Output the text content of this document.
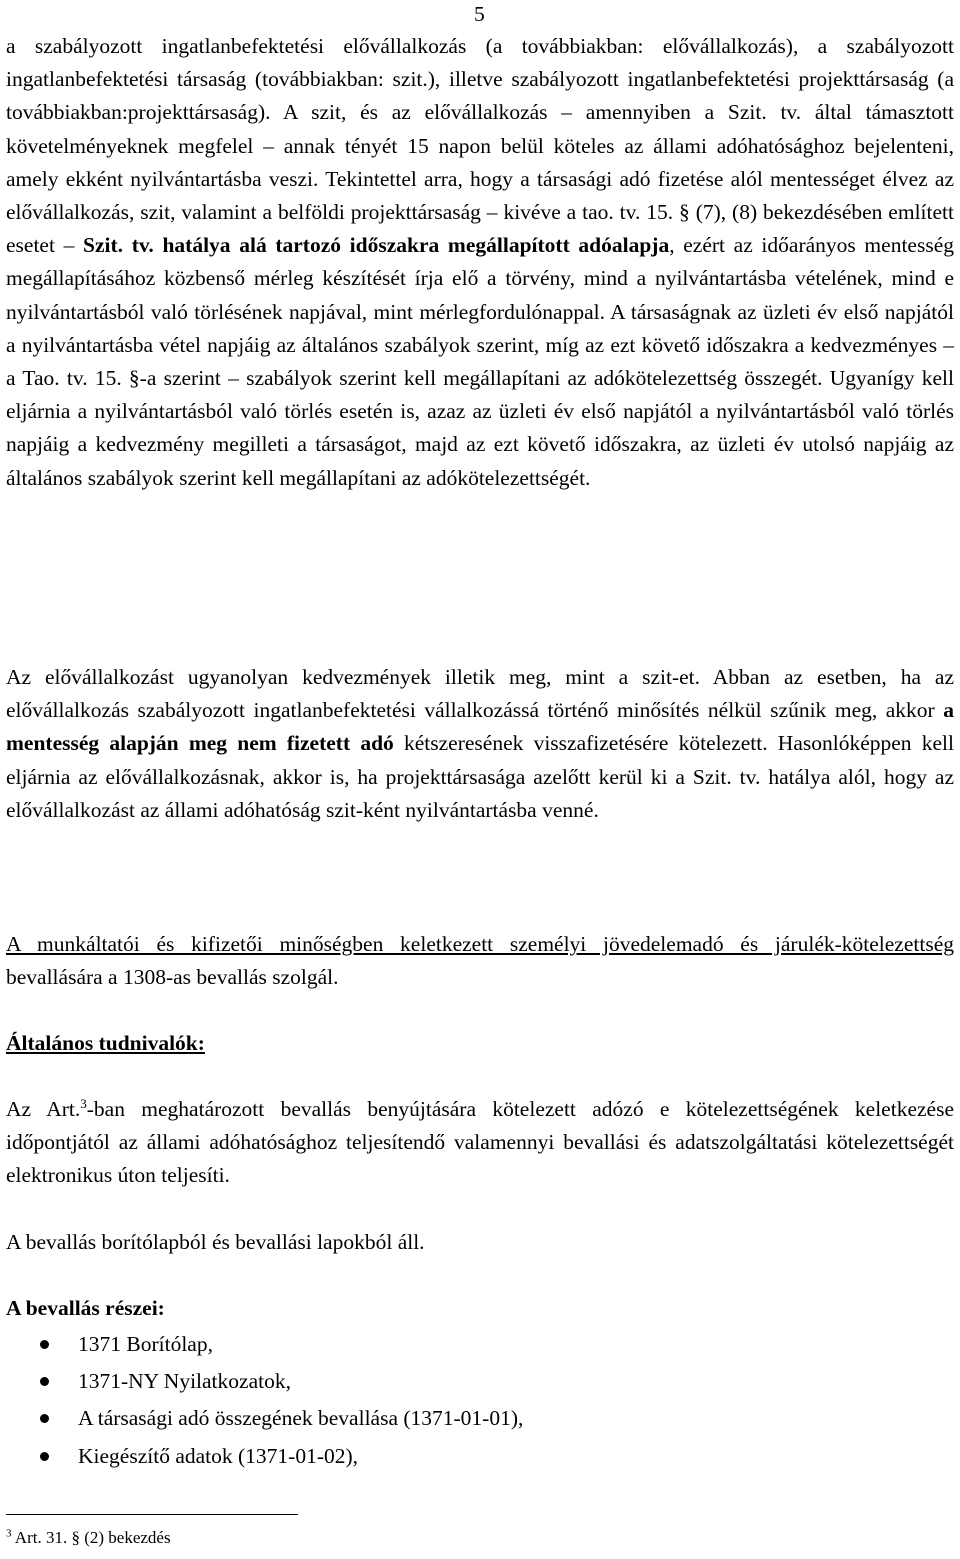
5

a szabályozott ingatlanbefektetési elővállalkozás (a továbbiakban: elővállalkozás), a szabályozott ingatlanbefektetési társaság (továbbiakban: szit.), illetve szabályozott ingatlanbefektetési projekttársaság (a továbbiakban:projekttársaság). A szit, és az elővállalkozás – amennyiben a Szit. tv. által támasztott követelményeknek megfelel – annak tényét 15 napon belül köteles az állami adóhatósághoz bejelenteni, amely ekként nyilvántartásba veszi. Tekintettel arra, hogy a társasági adó fizetése alól mentességet élvez az elővállalkozás, szit, valamint a belföldi projekttársaság – kivéve a tao. tv. 15. § (7), (8) bekezdésében említett esetet – Szit. tv. hatálya alá tartozó időszakra megállapított adóalapja, ezért az időarányos mentesség megállapításához közbenső mérleg készítését írja elő a törvény, mind a nyilvántartásba vételének, mind e nyilvántartásból való törlésének napjával, mint mérlegfordulónappal. A társaságnak az üzleti év első napjától a nyilvántartásba vétel napjáig az általános szabályok szerint, míg az ezt követő időszakra a kedvezményes – a Tao. tv. 15. §-a szerint – szabályok szerint kell megállapítani az adókötelezettség összegét. Ugyanígy kell eljárnia a nyilvántartásból való törlés esetén is, azaz az üzleti év első napjától a nyilvántartásból való törlés napjáig a kedvezmény megilleti a társaságot, majd az ezt követő időszakra, az üzleti év utolsó napjáig az általános szabályok szerint kell megállapítani az adókötelezettségét.

Az elővállalkozást ugyanolyan kedvezmények illetik meg, mint a szit-et. Abban az esetben, ha az elővállalkozás szabályozott ingatlanbefektetési vállalkozássá történő minősítés nélkül szűnik meg, akkor a mentesség alapján meg nem fizetett adó kétszeresének visszafizetésére kötelezett. Hasonlóképpen kell eljárnia az elővállalkozásnak, akkor is, ha projekttársasága azelőtt kerül ki a Szit. tv. hatálya alól, hogy az elővállalkozást az állami adóhatóság szit-ként nyilvántartásba venné.

A munkáltatói és kifizetői minőségben keletkezett személyi jövedelemadó és járulék-kötelezettség bevallására a 1308-as bevallás szolgál.

Általános tudnivalók:

Az Art.$^3$-ban meghatározott bevallás benyújtására kötelezett adózó e kötelezettségének keletkezése időpontjától az állami adóhatósághoz teljesítendő valamennyi bevallási és adatszolgáltatási kötelezettségét elektronikus úton teljesíti.

A bevallás borítólapból és bevallási lapokból áll.

A bevallás részei:

1371 Borítólap,
1371-NY Nyilatkozatok,
A társasági adó összegének bevallása (1371-01-01),
Kiegészítő adatok (1371-01-02),
$^3$ Art. 31. § (2) bekezdés
